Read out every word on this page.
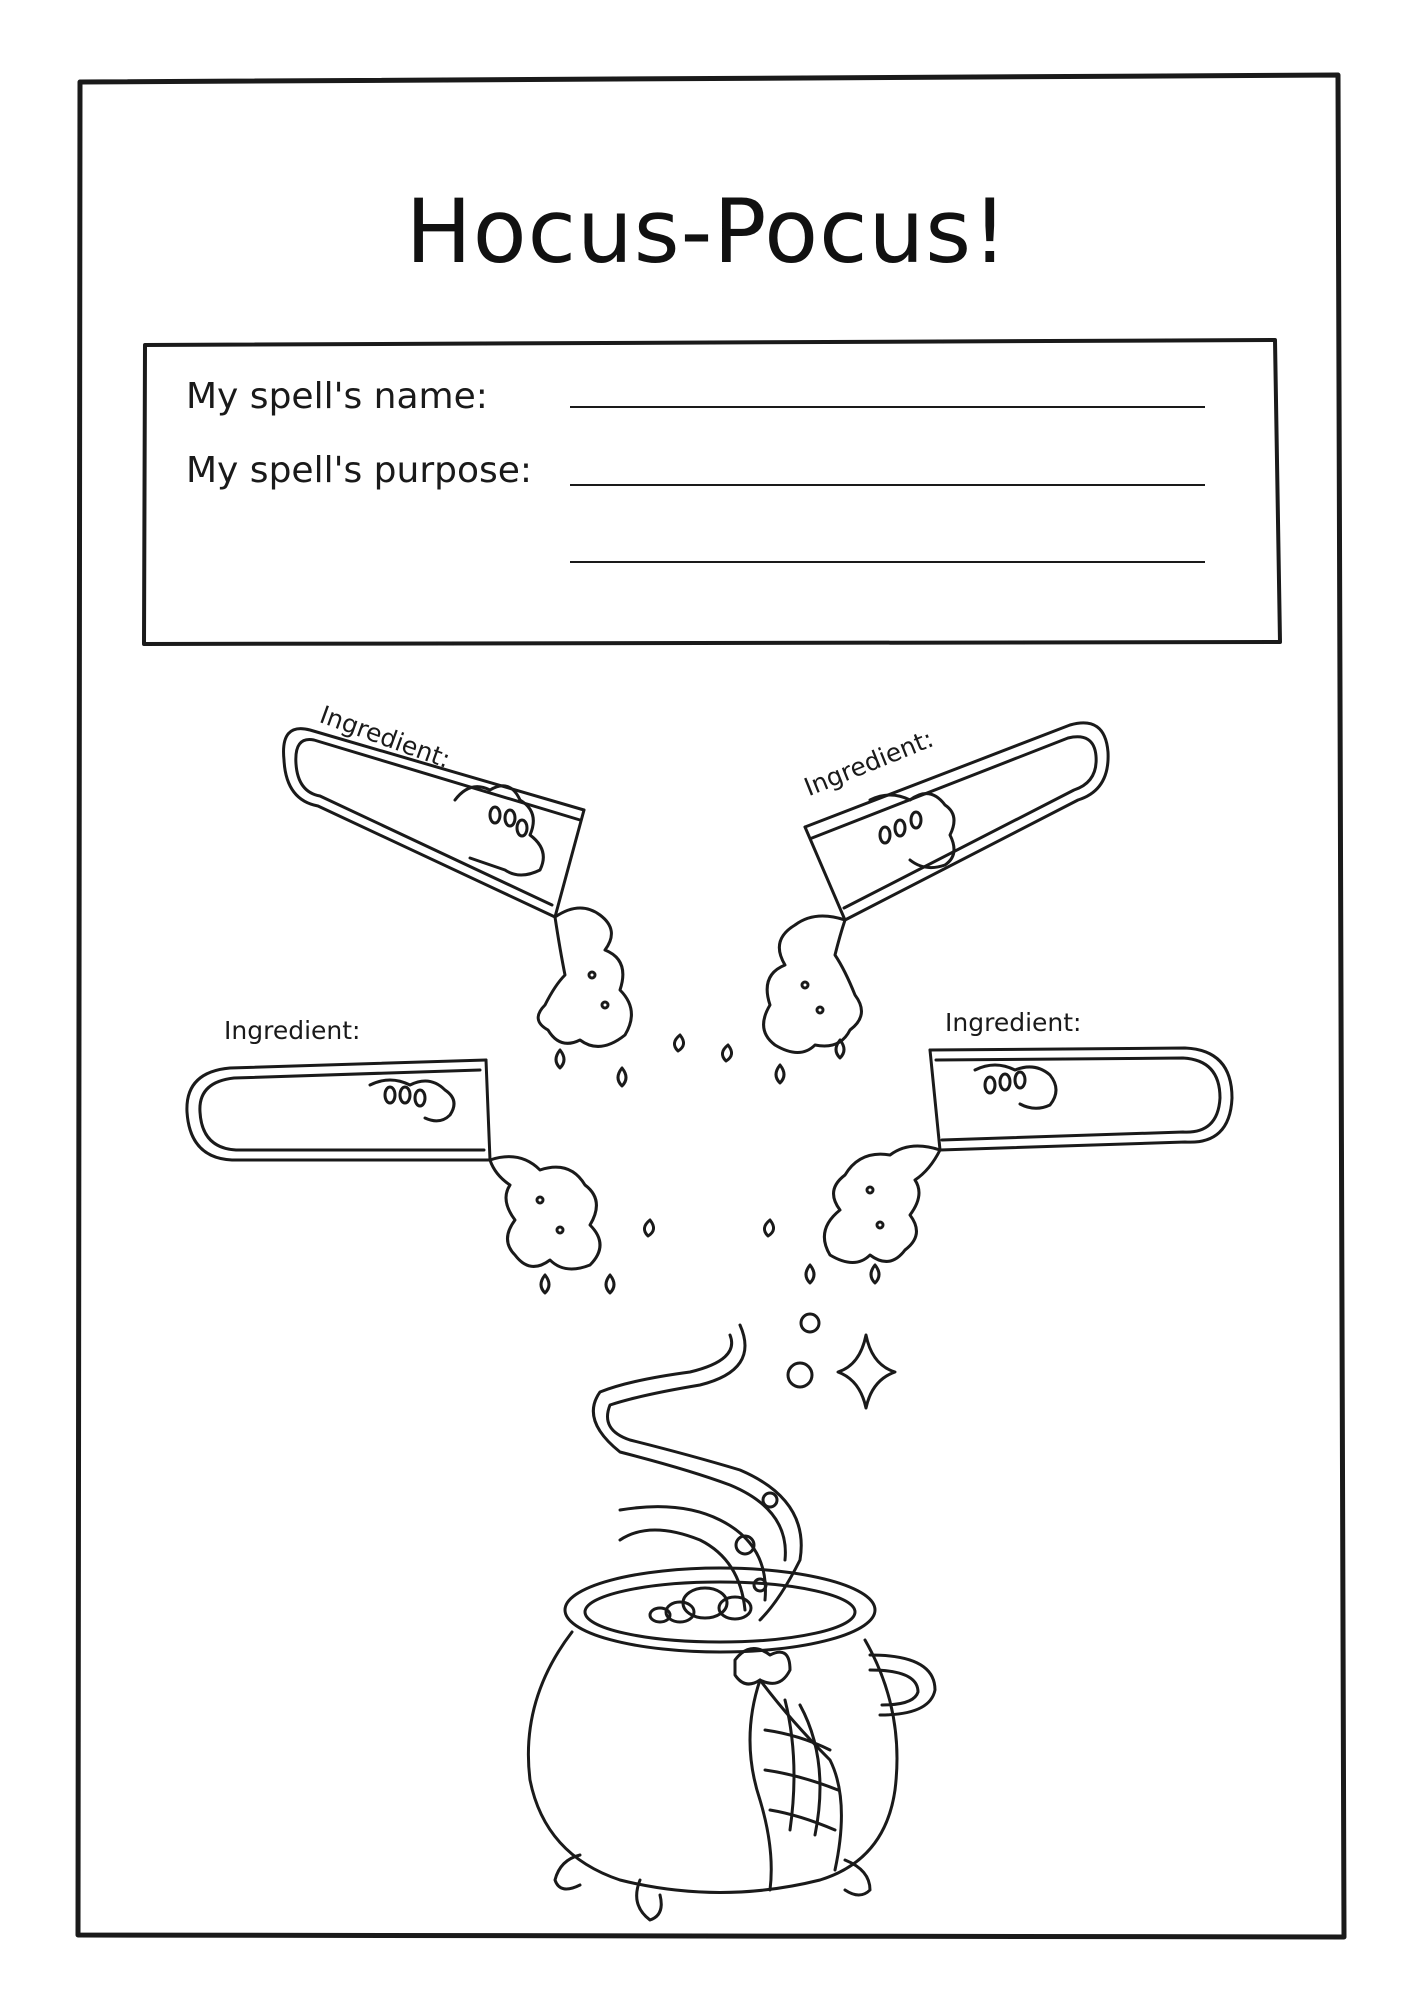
Hocus-Pocus!
My spell's name:
My spell's purpose:
Ingredient:	Ingredient:
Ingredient:	Ingredient:
